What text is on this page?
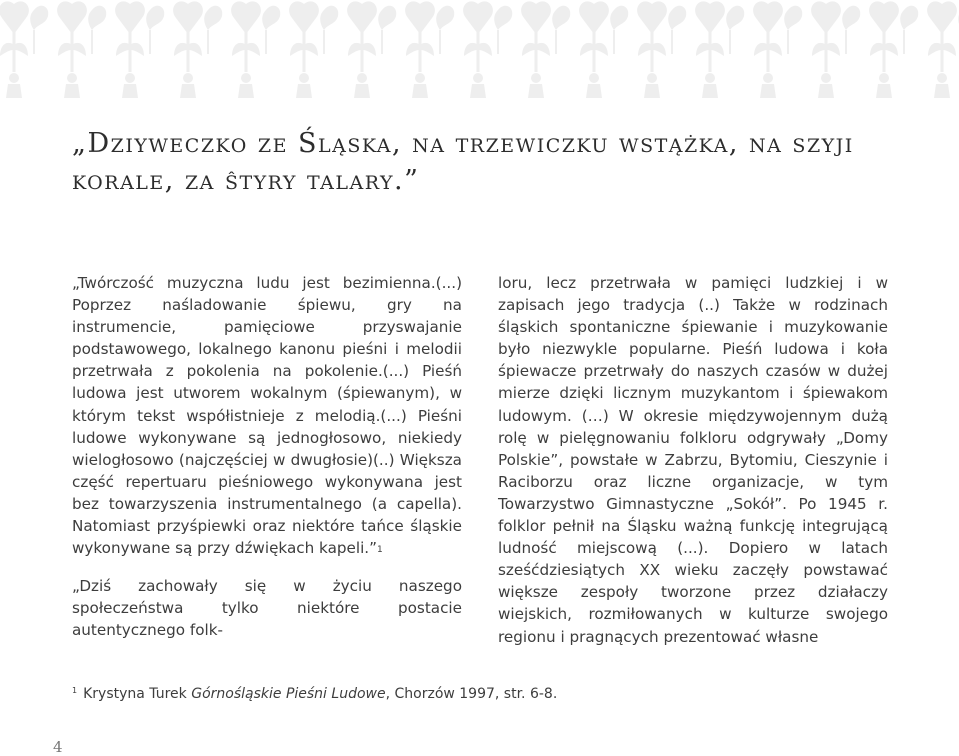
„Dziyweczko ze Śląska, na trzewiczku wstążka, na szyji korale, za ŝtyry talary.”

„Twórczość muzyczna ludu jest bezimienna.(...) Poprzez naśladowanie śpiewu, gry na instrumencie, pamięciowe przyswajanie podstawowego, lokalnego kanonu pieśni i melodii przetrwała z pokolenia na pokolenie.(...) Pieśń ludowa jest utworem wokalnym (śpiewanym), w którym tekst współistnieje z melodią.(...) Pieśni ludowe wykonywane są jednogłosowo, niekiedy wielogłosowo (najczęściej w dwugłosie)(..) Większa część repertuaru pieśniowego wykonywana jest bez towarzyszenia instrumentalnego (a capella). Natomiast przyśpiewki oraz niektóre tańce śląskie wykonywane są przy dźwiękach kapeli.”$^1$

„Dziś zachowały się w życiu naszego społeczeństwa tylko niektóre postacie autentycznego folk-

loru, lecz przetrwała w pamięci ludzkiej i w zapisach jego tradycja (..) Także w rodzinach śląskich spontaniczne śpiewanie i muzykowanie było niezwykle popularne. Pieśń ludowa i koła śpiewacze przetrwały do naszych czasów w dużej mierze dzięki licznym muzykantom i śpiewakom ludowym. (…) W okresie międzywojennym dużą rolę w pielęgnowaniu folkloru odgrywały „Domy Polskie”, powstałe w Zabrzu, Bytomiu, Cieszynie i Raciborzu oraz liczne organizacje, w tym Towarzystwo Gimnastyczne „Sokół”. Po 1945 r. folklor pełnił na Śląsku ważną funkcję integrującą ludność miejscową (...). Dopiero w latach sześćdziesiątych XX wieku zaczęły powstawać większe zespoły tworzone przez działaczy wiejskich, rozmiłowanych w kulturze swojego regionu i pragnących prezentować własne

$^1$ Krystyna Turek Górnośląskie Pieśni Ludowe, Chorzów 1997, str. 6-8.
4
